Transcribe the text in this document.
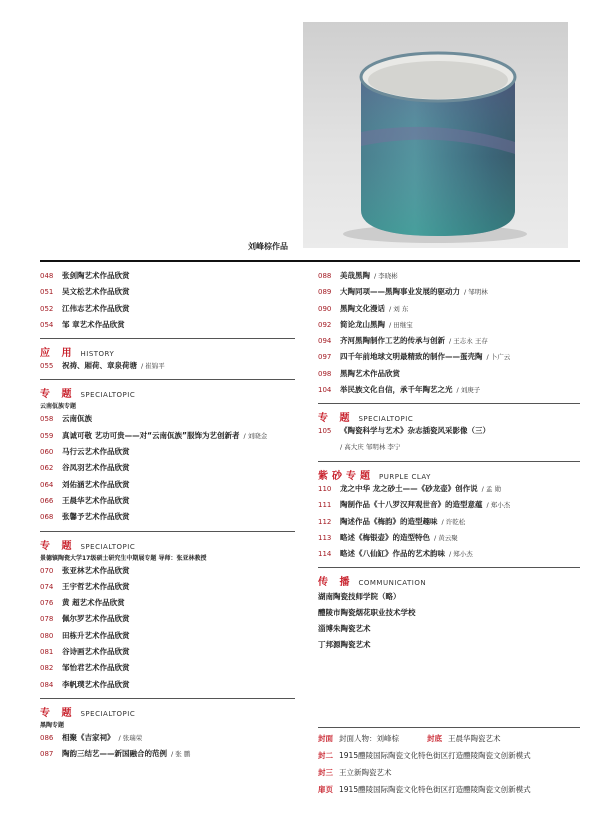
刘峰棕作品
048	张剑陶艺术作品欣赏
051	吴文松艺术作品欣赏
052	江伟志艺术作品欣赏
054	邹 章艺术作品欣赏
应 用 HISTORY
055	祝祷、厢荷、章泉荷塘 / 崔锦平
专 题 SPECIALTOPIC
云南佤族专题
058	云南佤族
059	真诚可敬 艺功可贵——对“云南佤族”服饰为艺创新者 / 刘晓金
060	马行云艺术作品欣赏
062	谷凤羽艺术作品欣赏
064	刘佑涵艺术作品欣赏
066	王晨华艺术作品欣赏
068	张馨予艺术作品欣赏
专 题 SPECIALTOPIC
景德镇陶瓷大学17级硕士研究生中期展专题 导师：张亚林教授
070	张亚林艺术作品欣赏
074	王宇哲艺术作品欣赏
076	黄 超艺术作品欣赏
078	佩尔罗艺术作品欣赏
080	田栋升艺术作品欣赏
081	谷诗画艺术作品欣赏
082	邹怡君艺术作品欣赏
084	李帆璞艺术作品欣赏
专 题 SPECIALTOPIC
黑陶专题
086	相聚《吉家祠》 / 张瑞荣
087	陶韵三结艺——新国融合的范例 / 张 鹏
088	美哉黑陶 / 李晓彬
089	大陶同项——黑陶事业发展的驱动力 / 邹明林
090	黑陶文化漫话 / 刘 东
092	简论龙山黑陶 / 田继宝
094	齐河黑陶制作工艺的传承与创新 / 王志永 王存
097	四千年前地球文明最精致的制作——蛋壳陶 / 卜广云
098	黑陶艺术作品欣赏
104	举民族文化自信，承千年陶艺之光 / 刘庚子
专 题 SPECIALTOPIC
105	《陶瓷科学与艺术》杂志插瓷风采影像（三）
/ 高大庆 邹明林 李宁
紫砂专题 PURPLE CLAY
110	龙之中华 龙之砂土——《砂龙壶》创作说 / 孟 勋
111	陶制作品《十八罗汉拜观世音》的造型意蕴 / 郑小杰
112	陶述作品《梅韵》的造型趣味 / 许乾松
113	略述《梅银壶》的造型特色 / 黄云聚
114	略述《八仙缸》作品的艺术韵味 / 郑小杰
传 播 COMMUNICATION
湖南陶瓷技师学院（略）
醴陵市陶瓷烟花职业技术学校
淄博朱陶瓷艺术
丁邦源陶瓷艺术
封面 封面人物：刘峰棕	封底 王晨华陶瓷艺术
封二 1915醴陵国际陶瓷文化特色街区打造醴陵陶瓷文创新模式
封三 王立新陶瓷艺术
扉页 1915醴陵国际陶瓷文化特色街区打造醴陵陶瓷文创新模式
